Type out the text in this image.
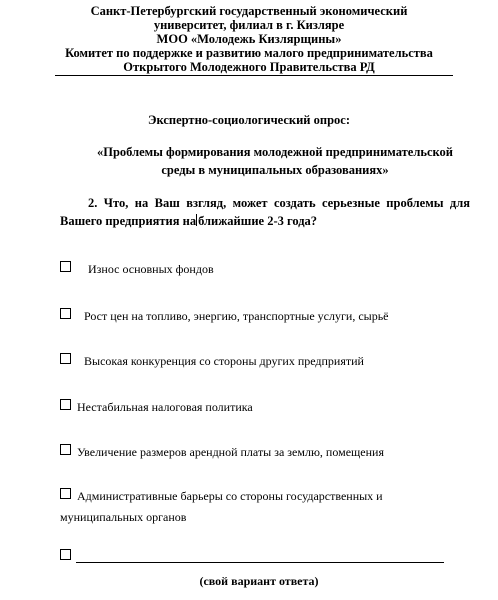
Санкт-Петербургский государственный экономический
университет, филиал в г. Кизляре
МОО «Молодежь Кизлярщины»
Комитет по поддержке и развитию малого предпринимательства
Открытого Молодежного Правительства РД
Экспертно-социологический опрос:
«Проблемы формирования молодежной предпринимательской
среды в муниципальных образованиях»
2. Что, на Ваш взгляд, может создать серьезные проблемы для
Вашего предприятия на ближайшие 2-3 года?
Износ основных фондов
Рост цен на топливо, энергию, транспортные услуги, сырьё
Высокая конкуренция со стороны других предприятий
Нестабильная налоговая политика
Увеличение размеров арендной платы за землю, помещения
Административные барьеры со стороны государственных и
муниципальных органов
(свой вариант ответа)
